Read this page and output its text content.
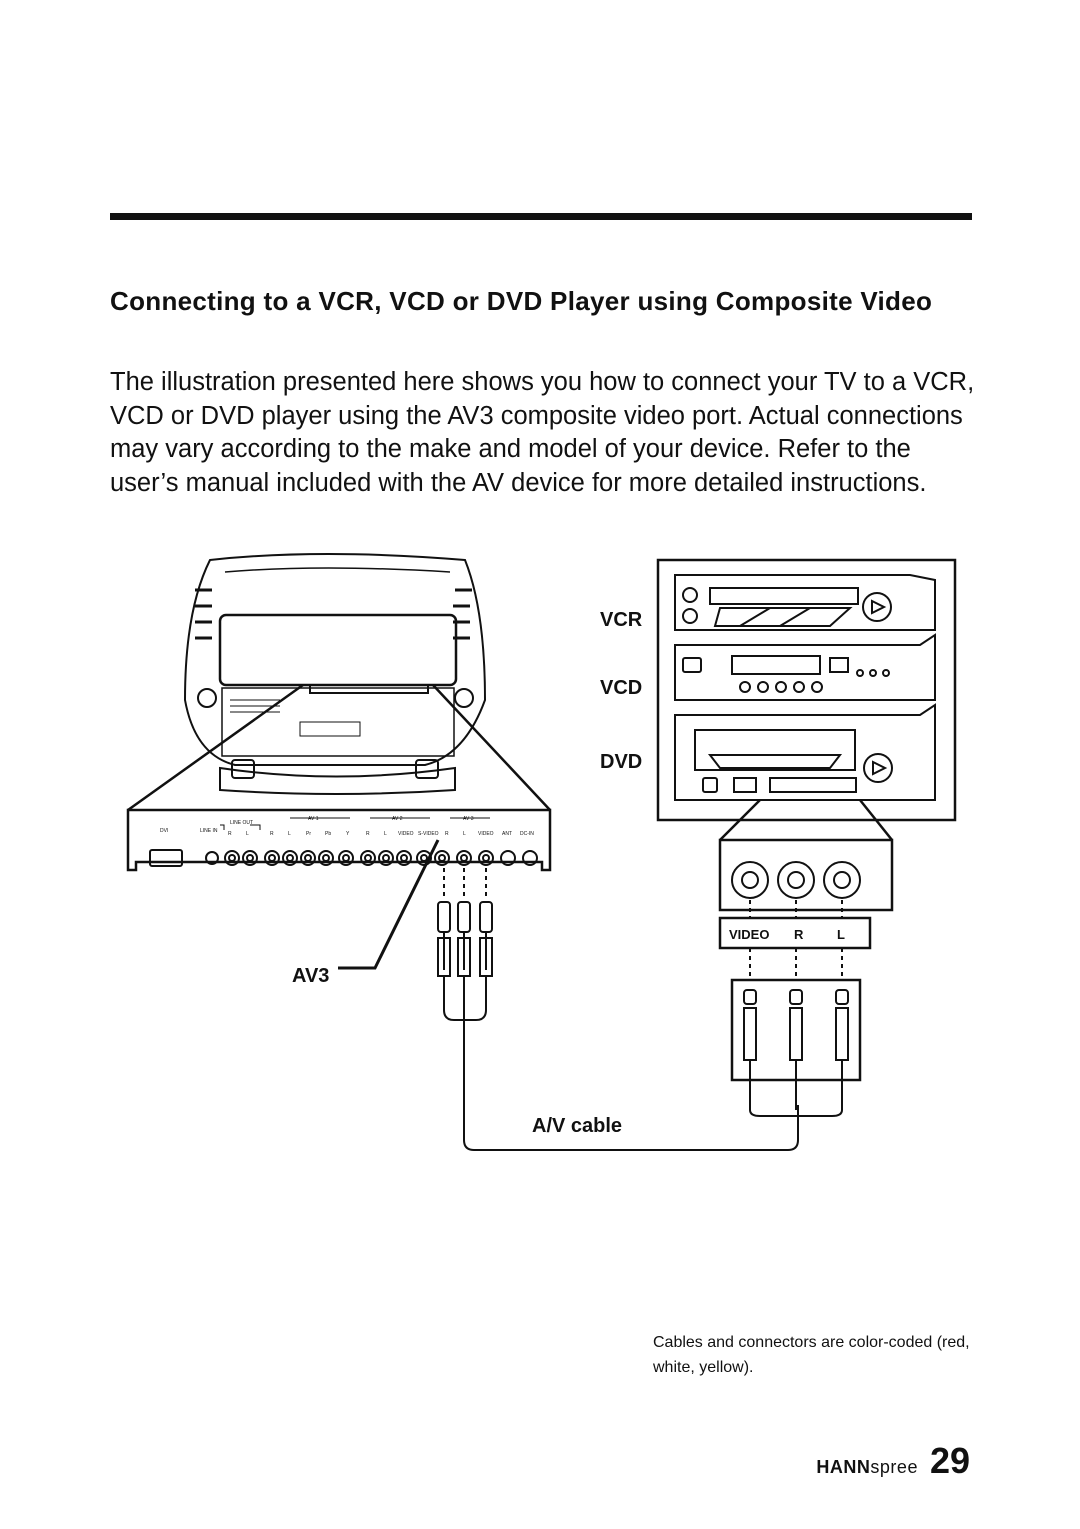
Connecting to a VCR, VCD or DVD Player using Composite Video

The illustration presented here shows you how to connect your TV to a VCR, VCD or DVD player using the AV3 composite video port. Actual connections may vary according to the make and model of your device. Refer to the user’s manual included with the AV device for more detailed instructions.

DVI	LINE IN
LINE OUT
AV 1	AV 2	AV 3
R	L	R	L	Pr	Pb	Y	R	L VIDEO S-VIDEO R	L VIDEO ANT DC-IN
VCR
VCD
DVD
AV3
A/V cable
VIDEO R	L

Cables and connectors are color-coded (red, white, yellow).

HANNspree 29
